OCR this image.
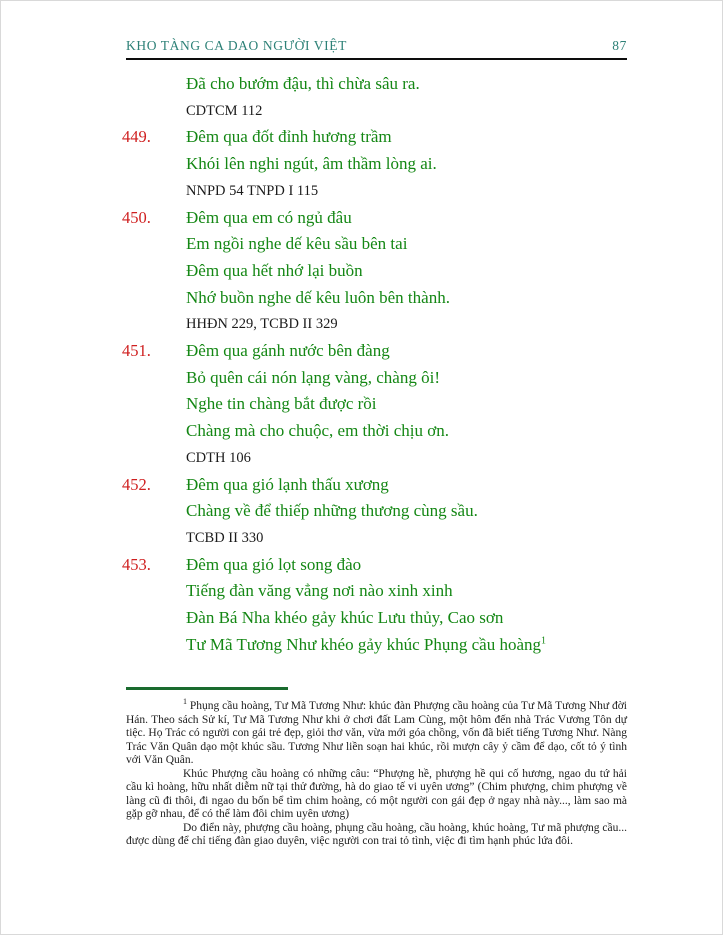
KHO TÀNG CA DAO NGƯỜI VIỆT	87
Đã cho bướm đậu, thì chừa sâu ra.
CDTCM 112
449. Đêm qua đốt đỉnh hương trầm
Khói lên nghi ngút, âm thầm lòng ai.
NNPD 54 TNPD I 115
450. Đêm qua em có ngủ đâu
Em ngồi nghe dế kêu sầu bên tai
Đêm qua hết nhớ lại buồn
Nhớ buồn nghe dế kêu luôn bên thành.
HHĐN 229, TCBD II 329
451. Đêm qua gánh nước bên đàng
Bỏ quên cái nón lạng vàng, chàng ôi!
Nghe tin chàng bắt được rồi
Chàng mà cho chuộc, em thời chịu ơn.
CDTH 106
452. Đêm qua gió lạnh thấu xương
Chàng về để thiếp những thương cùng sầu.
TCBD II 330
453. Đêm qua gió lọt song đào
Tiếng đàn văng vẳng nơi nào xinh xinh
Đàn Bá Nha khéo gảy khúc Lưu thủy, Cao sơn
Tư Mã Tương Như khéo gảy khúc Phụng cầu hoàng$^1$

$^1$ Phụng cầu hoàng, Tư Mã Tương Như: khúc đàn Phượng cầu hoàng của Tư Mã Tương Như đời Hán. Theo sách Sử kí, Tư Mã Tương Như khi ở chơi đất Lam Cùng, một hôm đến nhà Trác Vương Tôn dự tiệc. Họ Trác có người con gái trẻ đẹp, giỏi thơ văn, vừa mới góa chồng, vốn đã biết tiếng Tương Như. Nàng Trác Văn Quân dạo một khúc sầu. Tương Như liền soạn hai khúc, rồi mượn cây ỷ cầm để dạo, cốt tỏ ý tình với Văn Quân.

Khúc Phượng cầu hoàng có những câu: “Phượng hề, phượng hề qui cố hương, ngao du tứ hải cầu kì hoàng, hữu nhất diễm nữ tại thử đường, hà do giao tế vi uyên ương” (Chim phượng, chim phượng về làng cũ đi thôi, đi ngao du bốn bể tìm chim hoàng, có một người con gái đẹp ở ngay nhà này..., làm sao mà gặp gỡ nhau, để có thể làm đôi chim uyên ương)

Do điển này, phượng cầu hoàng, phụng cầu hoàng, cầu hoàng, khúc hoàng, Tư mã phượng cầu... được dùng để chỉ tiếng đàn giao duyên, việc người con trai tỏ tình, việc đi tìm hạnh phúc lứa đôi.
